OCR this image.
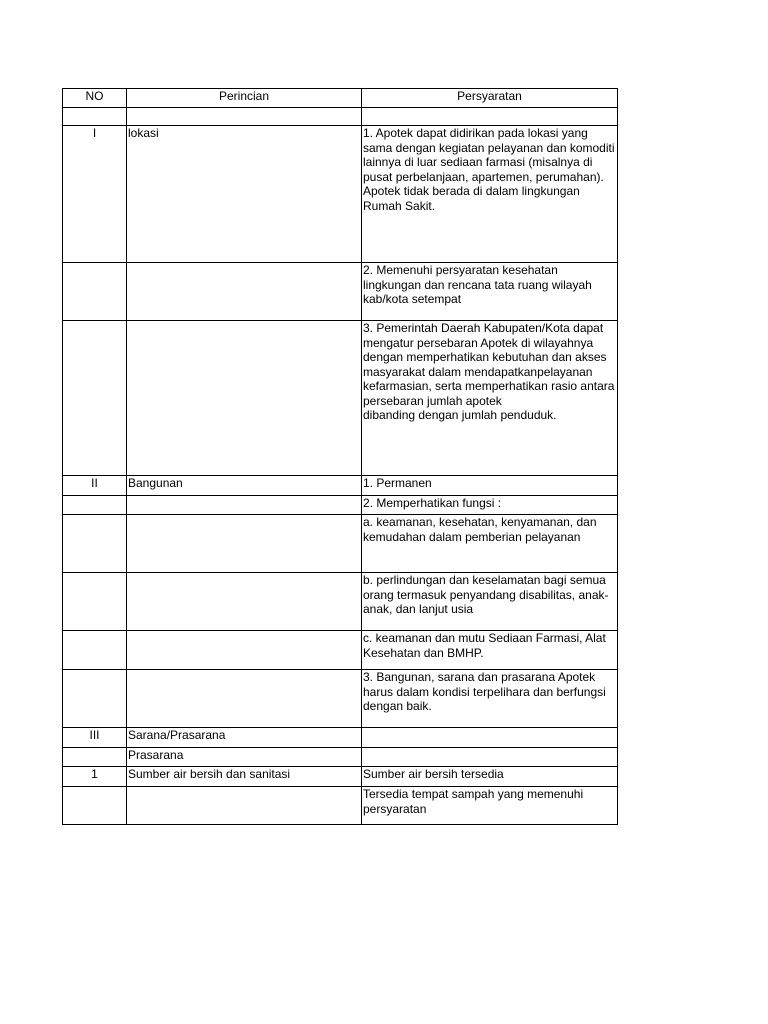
NO	Perincian	Persyaratan

I	lokasi	1. Apotek dapat didirikan pada lokasi yang sama dengan kegiatan pelayanan dan komoditi lainnya di luar sediaan farmasi (misalnya di pusat perbelanjaan, apartemen, perumahan). Apotek tidak berada di dalam lingkungan Rumah Sakit.
		2. Memenuhi persyaratan kesehatan lingkungan dan rencana tata ruang wilayah kab/kota setempat
		3. Pemerintah Daerah Kabupaten/Kota dapat mengatur persebaran Apotek di wilayahnya dengan memperhatikan kebutuhan dan akses masyarakat dalam mendapatkanpelayanan kefarmasian, serta memperhatikan rasio antara persebaran jumlah apotek
dibanding dengan jumlah penduduk.
II	Bangunan	1. Permanen
		2. Memperhatikan fungsi :
		a. keamanan, kesehatan, kenyamanan, dan kemudahan dalam pemberian pelayanan
		b. perlindungan dan keselamatan bagi semua orang termasuk penyandang disabilitas, anak-anak, dan lanjut usia
		c. keamanan dan mutu Sediaan Farmasi, Alat Kesehatan dan BMHP.
		3. Bangunan, sarana dan prasarana Apotek harus dalam kondisi terpelihara dan berfungsi dengan baik.
III	Sarana/Prasarana	
	Prasarana	
1	Sumber air bersih dan sanitasi	Sumber air bersih tersedia
		Tersedia tempat sampah yang memenuhi persyaratan
